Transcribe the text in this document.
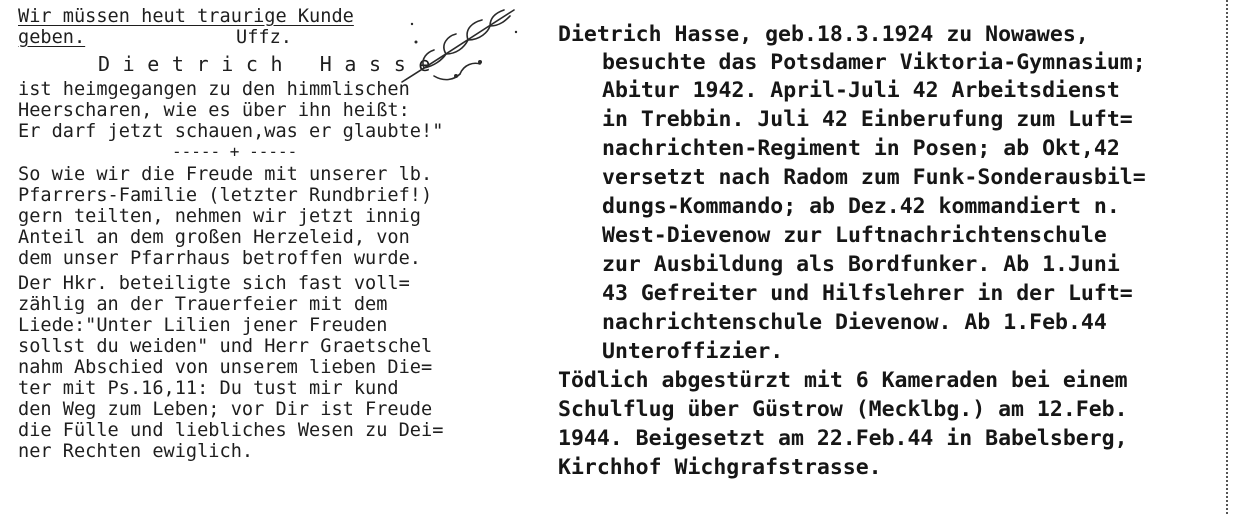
Wir müssen heut traurige Kunde
geben.	Uffz.
Dietrich Hasse
ist heimgegangen zu den himmlischen
Heerscharen, wie es über ihn heißt:
Er darf jetzt schauen,was er glaubte!"
----- + -----
So wie wir die Freude mit unserer lb.
Pfarrers-Familie (letzter Rundbrief!)
gern teilten, nehmen wir jetzt innig
Anteil an dem großen Herzeleid, von
dem unser Pfarrhaus betroffen wurde.
Der Hkr. beteiligte sich fast voll=
zählig an der Trauerfeier mit dem
Liede:"Unter Lilien jener Freuden
sollst du weiden" und Herr Graetschel
nahm Abschied von unserem lieben Die=
ter mit Ps.16,11: Du tust mir kund
den Weg zum Leben; vor Dir ist Freude
die Fülle und liebliches Wesen zu Dei=
ner Rechten ewiglich.
Dietrich Hasse, geb.18.3.1924 zu Nowawes,
besuchte das Potsdamer Viktoria-Gymnasium;
Abitur 1942. April-Juli 42 Arbeitsdienst
in Trebbin. Juli 42 Einberufung zum Luft=
nachrichten-Regiment in Posen; ab Okt,42
versetzt nach Radom zum Funk-Sonderausbil=
dungs-Kommando; ab Dez.42 kommandiert n.
West-Dievenow zur Luftnachrichtenschule
zur Ausbildung als Bordfunker. Ab 1.Juni
43 Gefreiter und Hilfslehrer in der Luft=
nachrichtenschule Dievenow. Ab 1.Feb.44
Unteroffizier.
Tödlich abgestürzt mit 6 Kameraden bei einem
Schulflug über Güstrow (Mecklbg.) am 12.Feb.
1944. Beigesetzt am 22.Feb.44 in Babelsberg,
Kirchhof Wichgrafstrasse.
